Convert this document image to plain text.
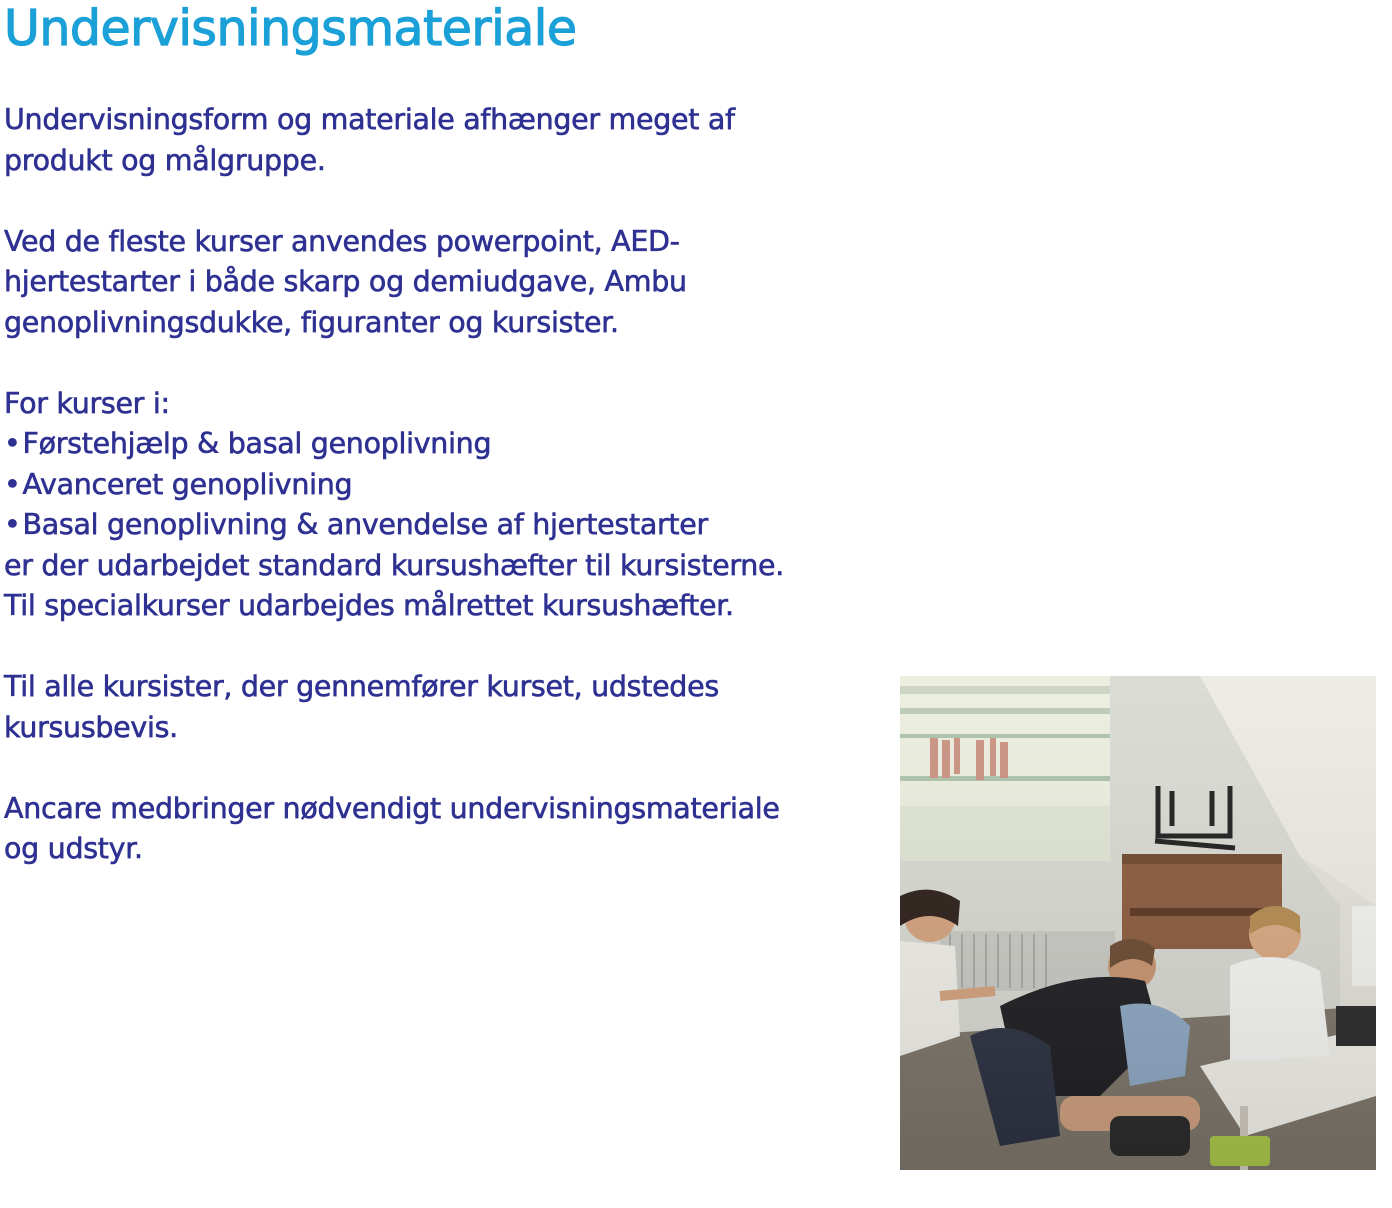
Undervisningsmateriale
Undervisningsform og materiale afhænger meget af
produkt og målgruppe.
Ved de fleste kurser anvendes powerpoint, AED-
hjertestarter i både skarp og demiudgave, Ambu
genoplivningsdukke, figuranter og kursister.
For kurser i:
•Førstehjælp & basal genoplivning
•Avanceret genoplivning
•Basal genoplivning & anvendelse af hjertestarter
er der udarbejdet standard kursushæfter til kursisterne.
Til specialkurser udarbejdes målrettet kursushæfter.
Til alle kursister, der gennemfører kurset, udstedes
kursusbevis.
Ancare medbringer nødvendigt undervisningsmateriale
og udstyr.
